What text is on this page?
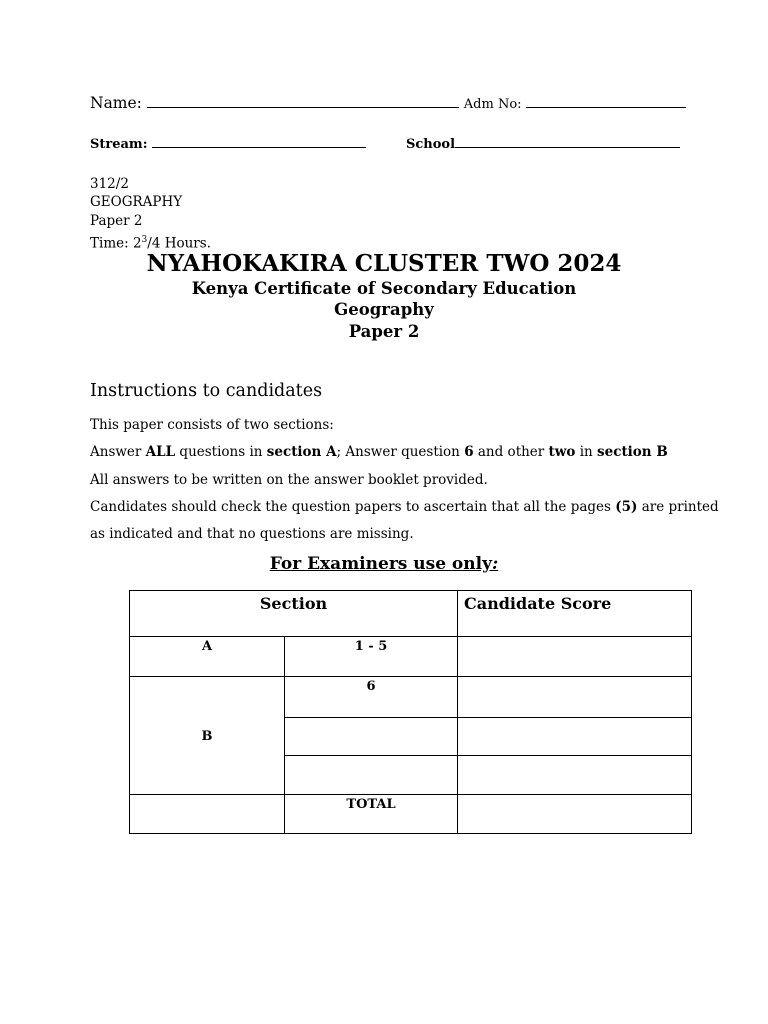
Name:	Adm No:
Stream:	School
312/2
GEOGRAPHY
Paper 2
Time: $2^3/4$ Hours.
NYAHOKAKIRA CLUSTER TWO 2024
Kenya Certificate of Secondary Education
Geography
Paper 2
Instructions to candidates
This paper consists of two sections:
Answer ALL questions in section A; Answer question 6 and other two in section B
All answers to be written on the answer booklet provided.
Candidates should check the question papers to ascertain that all the pages (5) are printed
as indicated and that no questions are missing.
For Examiners use only:
Section		Candidate Score
A	1 - 5	
B	6	

	TOTAL	
